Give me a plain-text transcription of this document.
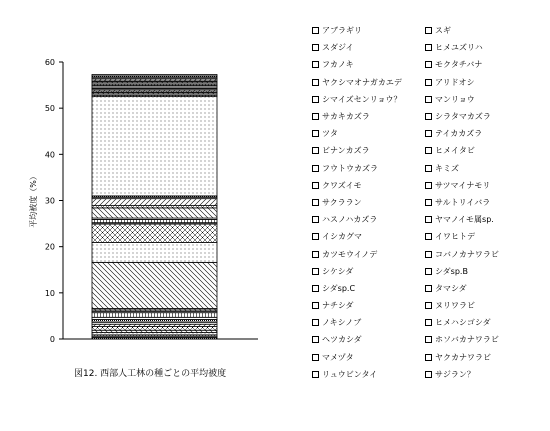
0
10
20
30
40
50
60
平均被度（%）
図12. 西部人工林の種ごとの平均被度
アブラギリ	スギ
スダジイ	ヒメユズリハ
フカノキ	モクタチバナ
ヤクシマオナガカエデ	アリドオシ
シマイズセンリョウ？	マンリョウ
サカキカズラ	シラタマカズラ
ツタ	テイカカズラ
ビナンカズラ	ヒメイタビ
フウトウカズラ	キミズ
クワズイモ	サツマイナモリ
サクララン	サルトリイバラ
ハスノハカズラ	ヤマノイモ属sp.
イシカグマ	イワヒトデ
カツモウイノデ	コバノカナワラビ
シケシダ	シダsp.B
シダsp.C	タマシダ
ナチシダ	ヌリワラビ
ノキシノブ	ヒメハシゴシダ
ヘツカシダ	ホソバカナワラビ
マメヅタ	ヤクカナワラビ
リュウビンタイ	サジラン？
